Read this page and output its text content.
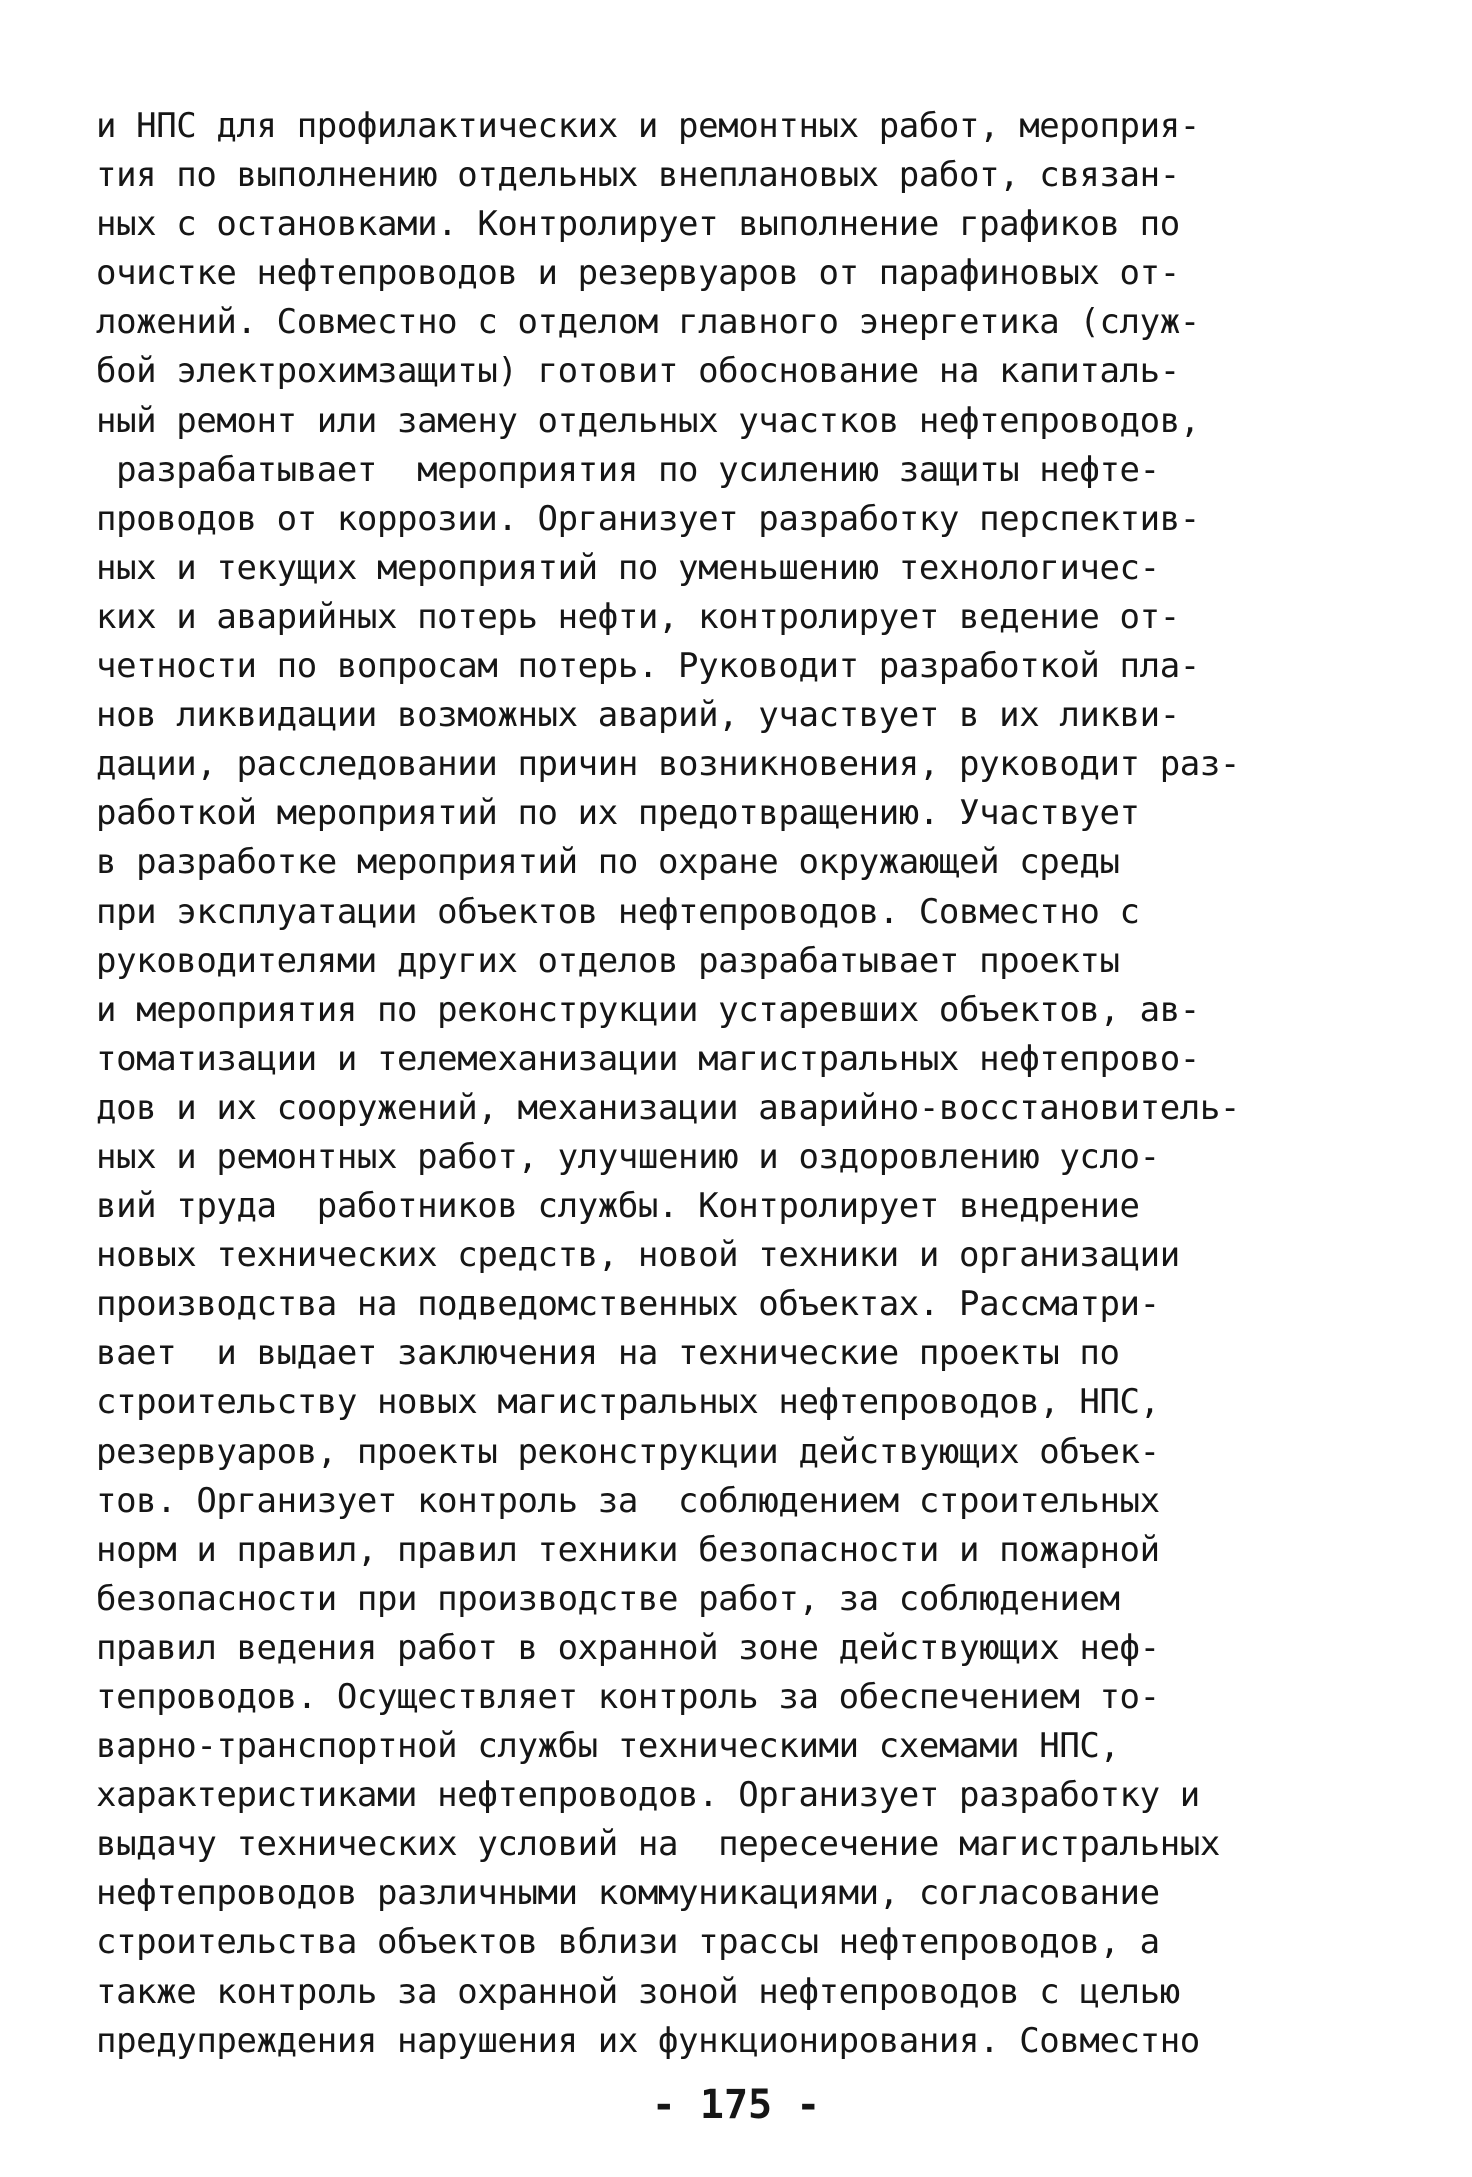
и НПС для профилактических и ремонтных работ, мероприя-
тия по выполнению отдельных внеплановых работ, связан-
ных с остановками. Контролирует выполнение графиков по
очистке нефтепроводов и резервуаров от парафиновых от-
ложений. Совместно с отделом главного энергетика (служ-
бой электрохимзащиты) готовит обоснование на капиталь-
ный ремонт или замену отдельных участков нефтепроводов,
разрабатывает  мероприятия по усилению защиты нефте-
проводов от коррозии. Организует разработку перспектив-
ных и текущих мероприятий по уменьшению технологичес-
ких и аварийных потерь нефти, контролирует ведение от-
четности по вопросам потерь. Руководит разработкой пла-
нов ликвидации возможных аварий, участвует в их ликви-
дации, расследовании причин возникновения, руководит раз-
работкой мероприятий по их предотвращению. Участвует
в разработке мероприятий по охране окружающей среды
при эксплуатации объектов нефтепроводов. Совместно с
руководителями других отделов разрабатывает проекты
и мероприятия по реконструкции устаревших объектов, ав-
томатизации и телемеханизации магистральных нефтепрово-
дов и их сооружений, механизации аварийно-восстановитель-
ных и ремонтных работ, улучшению и оздоровлению усло-
вий труда  работников службы. Контролирует внедрение
новых технических средств, новой техники и организации
производства на подведомственных объектах. Рассматри-
вает  и выдает заключения на технические проекты по
строительству новых магистральных нефтепроводов, НПС,
резервуаров, проекты реконструкции действующих объек-
тов. Организует контроль за  соблюдением строительных
норм и правил, правил техники безопасности и пожарной
безопасности при производстве работ, за соблюдением
правил ведения работ в охранной зоне действующих неф-
тепроводов. Осуществляет контроль за обеспечением то-
варно-транспортной службы техническими схемами НПС,
характеристиками нефтепроводов. Организует разработку и
выдачу технических условий на  пересечение магистральных
нефтепроводов различными коммуникациями, согласование
строительства объектов вблизи трассы нефтепроводов, а
также контроль за охранной зоной нефтепроводов с целью
предупреждения нарушения их функционирования. Совместно
- 175 -
